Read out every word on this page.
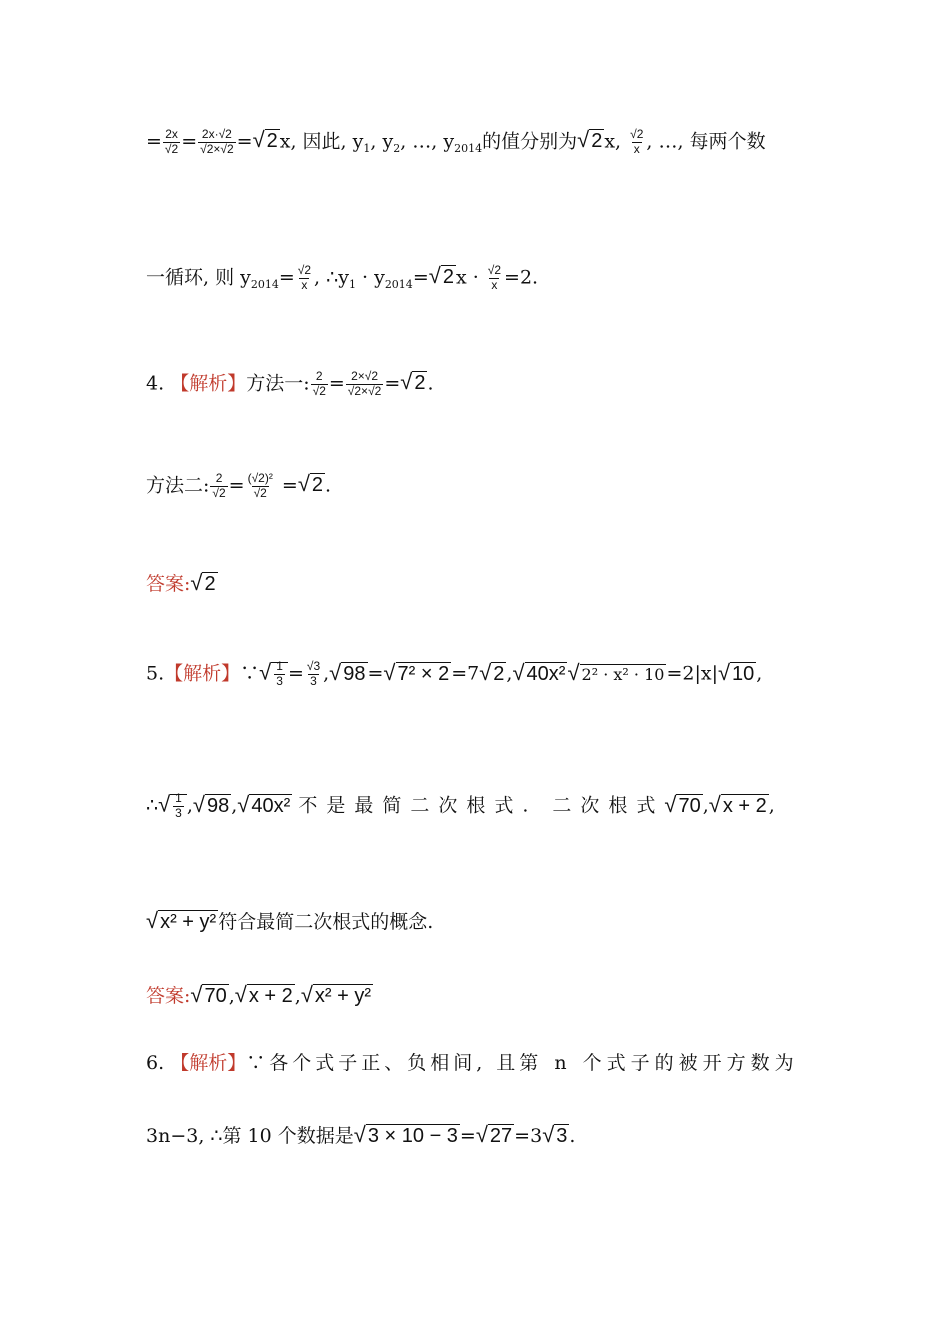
= $\frac{2x}{√2} = \frac{2x\cdot√2}{√2\times√2}$ =√ 2 x, 因此, $y_1$, $y_2$, …, $y_{2014}$的值分别为√ 2 x, $\frac{√2}{x}$ , …, 每两个数
一循环, 则 $y_{2014}= \frac{√2}{x}$ , $\therefore y_1 \cdot y_{2014}=√$ 2 $x \cdot \frac{√2}{x} =2$.
4. 【解析】方法一: $\frac{2}{√2} = \frac{2\times√2}{√2\times√2}$ =√ 2 .
方法二: $\frac{2}{√2} = \frac{\text{(√2)²}}{√2}$ =√ 2 .
答案:√ 2
5.【解析】∵√ $\frac{1}{3} = \frac{√3}{3}$ ,√ 98 =√ 7² × 2 =7√ 2 ,√ 40x²√ 2² · x² · 10 =2|x|√ 10 ,
∴√ $\frac{1}{3}$ ,√ 98 ,√ 40x² 不是最简二次根式. 二次根式√ 70 ,√ x + 2 ,
√ x² + y² 符合最简二次根式的概念.
答案:√ 70 ,√ x + 2 ,√ x² + y²
6. 【解析】∵各个式子正、负相间, 且第 n 个式子的被开方数为
3n−3, ∴第 10 个数据是√ 3 × 10 − 3 =√ 27 =3√ 3 .
